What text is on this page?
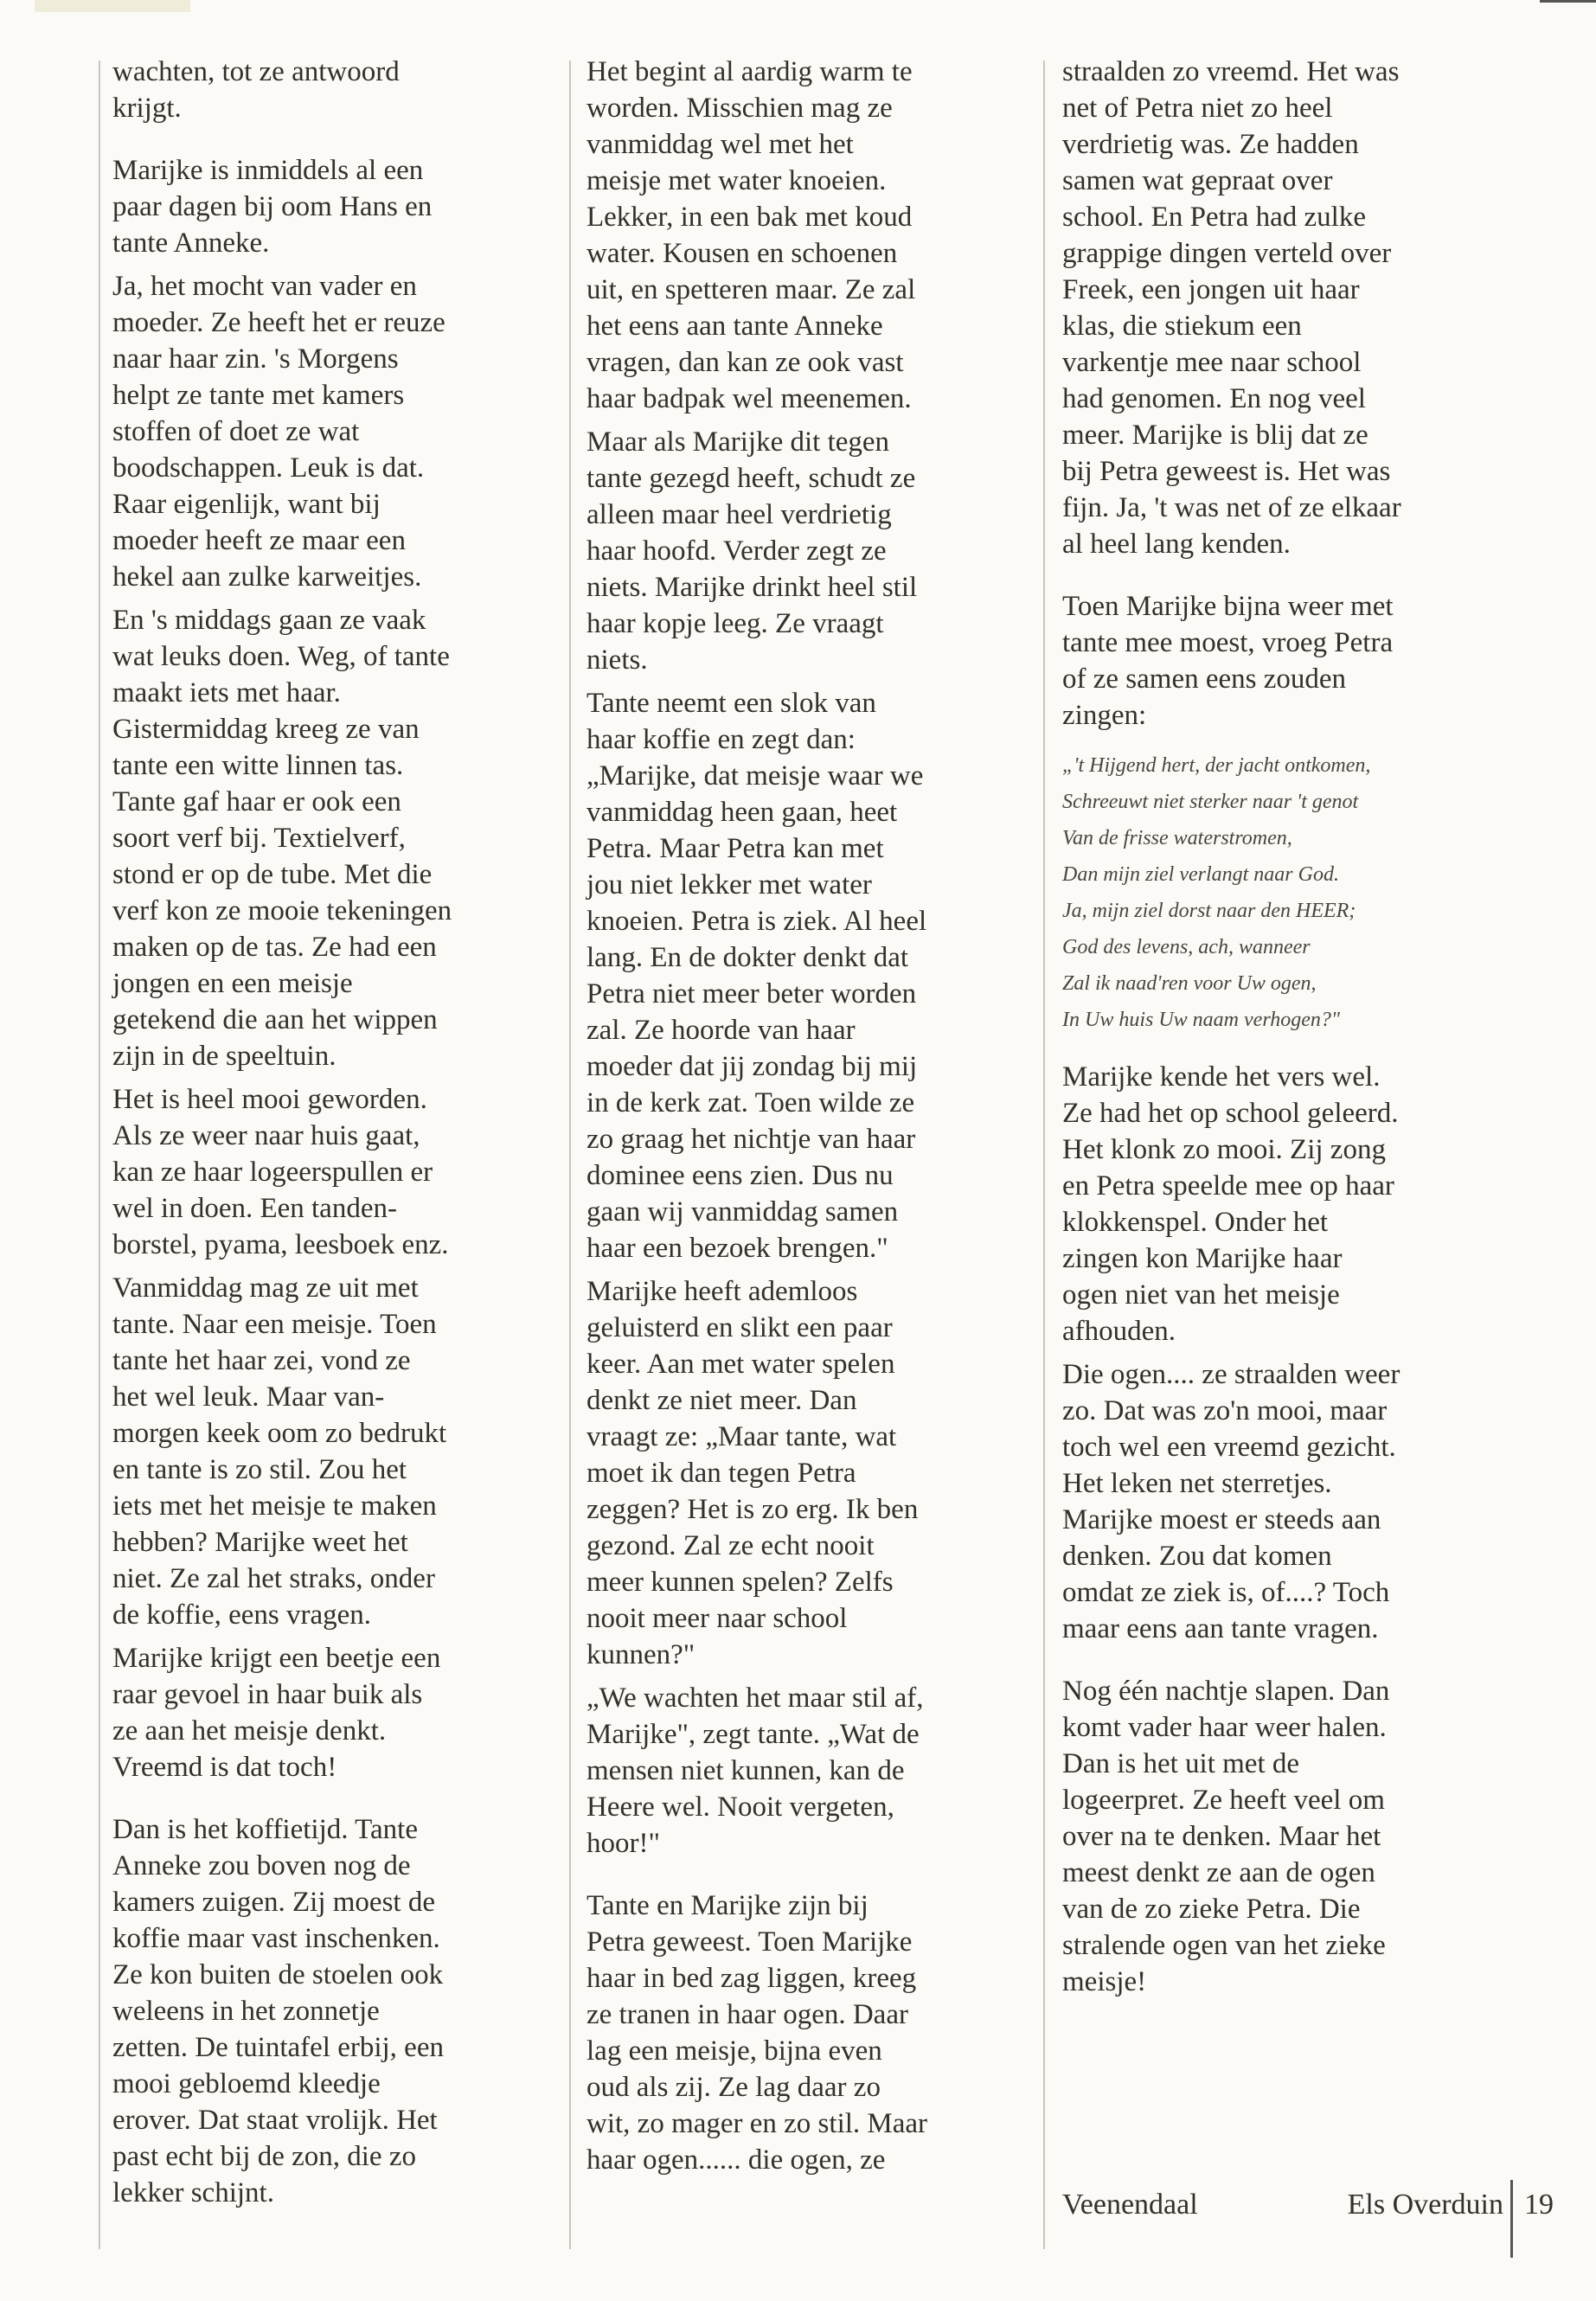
wachten, tot ze antwoord
krijgt.

Marijke is inmiddels al een
paar dagen bij oom Hans en
tante Anneke.

Ja, het mocht van vader en
moeder. Ze heeft het er reuze
naar haar zin. 's Morgens
helpt ze tante met kamers
stoffen of doet ze wat
boodschappen. Leuk is dat.
Raar eigenlijk, want bij
moeder heeft ze maar een
hekel aan zulke karweitjes.

En 's middags gaan ze vaak
wat leuks doen. Weg, of tante
maakt iets met haar.
Gistermiddag kreeg ze van
tante een witte linnen tas.
Tante gaf haar er ook een
soort verf bij. Textielverf,
stond er op de tube. Met die
verf kon ze mooie tekeningen
maken op de tas. Ze had een
jongen en een meisje
getekend die aan het wippen
zijn in de speeltuin.

Het is heel mooi geworden.
Als ze weer naar huis gaat,
kan ze haar logeerspullen er
wel in doen. Een tanden-
borstel, pyama, leesboek enz.

Vanmiddag mag ze uit met
tante. Naar een meisje. Toen
tante het haar zei, vond ze
het wel leuk. Maar van-
morgen keek oom zo bedrukt
en tante is zo stil. Zou het
iets met het meisje te maken
hebben? Marijke weet het
niet. Ze zal het straks, onder
de koffie, eens vragen.

Marijke krijgt een beetje een
raar gevoel in haar buik als
ze aan het meisje denkt.
Vreemd is dat toch!

Dan is het koffietijd. Tante
Anneke zou boven nog de
kamers zuigen. Zij moest de
koffie maar vast inschenken.
Ze kon buiten de stoelen ook
weleens in het zonnetje
zetten. De tuintafel erbij, een
mooi gebloemd kleedje
erover. Dat staat vrolijk. Het
past echt bij de zon, die zo
lekker schijnt.

Het begint al aardig warm te
worden. Misschien mag ze
vanmiddag wel met het
meisje met water knoeien.
Lekker, in een bak met koud
water. Kousen en schoenen
uit, en spetteren maar. Ze zal
het eens aan tante Anneke
vragen, dan kan ze ook vast
haar badpak wel meenemen.

Maar als Marijke dit tegen
tante gezegd heeft, schudt ze
alleen maar heel verdrietig
haar hoofd. Verder zegt ze
niets. Marijke drinkt heel stil
haar kopje leeg. Ze vraagt
niets.

Tante neemt een slok van
haar koffie en zegt dan:
„Marijke, dat meisje waar we
vanmiddag heen gaan, heet
Petra. Maar Petra kan met
jou niet lekker met water
knoeien. Petra is ziek. Al heel
lang. En de dokter denkt dat
Petra niet meer beter worden
zal. Ze hoorde van haar
moeder dat jij zondag bij mij
in de kerk zat. Toen wilde ze
zo graag het nichtje van haar
dominee eens zien. Dus nu
gaan wij vanmiddag samen
haar een bezoek brengen."

Marijke heeft ademloos
geluisterd en slikt een paar
keer. Aan met water spelen
denkt ze niet meer. Dan
vraagt ze: „Maar tante, wat
moet ik dan tegen Petra
zeggen? Het is zo erg. Ik ben
gezond. Zal ze echt nooit
meer kunnen spelen? Zelfs
nooit meer naar school
kunnen?"

„We wachten het maar stil af,
Marijke", zegt tante. „Wat de
mensen niet kunnen, kan de
Heere wel. Nooit vergeten,
hoor!"

Tante en Marijke zijn bij
Petra geweest. Toen Marijke
haar in bed zag liggen, kreeg
ze tranen in haar ogen. Daar
lag een meisje, bijna even
oud als zij. Ze lag daar zo
wit, zo mager en zo stil. Maar
haar ogen...... die ogen, ze

straalden zo vreemd. Het was
net of Petra niet zo heel
verdrietig was. Ze hadden
samen wat gepraat over
school. En Petra had zulke
grappige dingen verteld over
Freek, een jongen uit haar
klas, die stiekum een
varkentje mee naar school
had genomen. En nog veel
meer. Marijke is blij dat ze
bij Petra geweest is. Het was
fijn. Ja, 't was net of ze elkaar
al heel lang kenden.

Toen Marijke bijna weer met
tante mee moest, vroeg Petra
of ze samen eens zouden
zingen:

„'t Hijgend hert, der jacht ontkomen,
Schreeuwt niet sterker naar 't genot
Van de frisse waterstromen,
Dan mijn ziel verlangt naar God.
Ja, mijn ziel dorst naar den HEER;
God des levens, ach, wanneer
Zal ik naad'ren voor Uw ogen,
In Uw huis Uw naam verhogen?"

Marijke kende het vers wel.
Ze had het op school geleerd.
Het klonk zo mooi. Zij zong
en Petra speelde mee op haar
klokkenspel. Onder het
zingen kon Marijke haar
ogen niet van het meisje
afhouden.

Die ogen.... ze straalden weer
zo. Dat was zo'n mooi, maar
toch wel een vreemd gezicht.
Het leken net sterretjes.
Marijke moest er steeds aan
denken. Zou dat komen
omdat ze ziek is, of....? Toch
maar eens aan tante vragen.

Nog één nachtje slapen. Dan
komt vader haar weer halen.
Dan is het uit met de
logeerpret. Ze heeft veel om
over na te denken. Maar het
meest denkt ze aan de ogen
van de zo zieke Petra. Die
stralende ogen van het zieke
meisje!

Veenendaal	Els Overduin 19
